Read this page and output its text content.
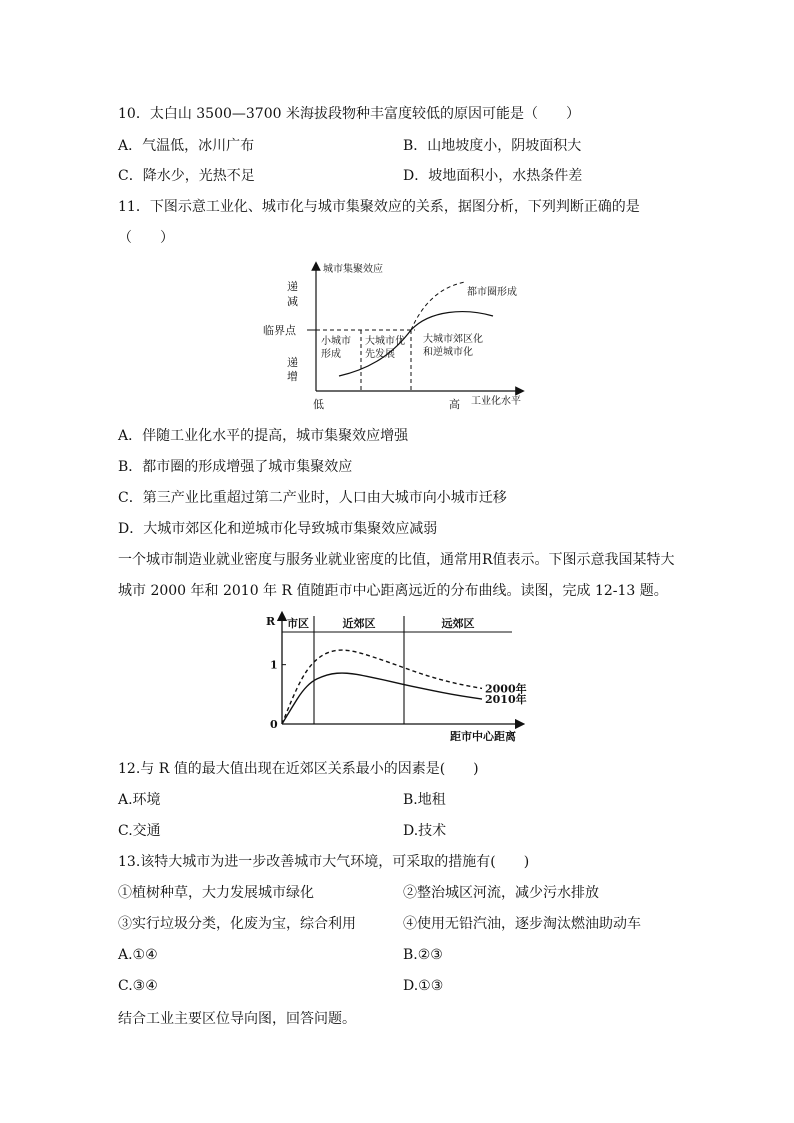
10．太白山 3500—3700 米海拔段物种丰富度较低的原因可能是（　　）
A．气温低，冰川广布	B．山地坡度小，阴坡面积大
C．降水少，光热不足	D．坡地面积小，水热条件差
11．下图示意工业化、城市化与城市集聚效应的关系，据图分析，下列判断正确的是
（　　）
城市集聚效应
递
减
临界点
递
增
都市圈形成
小城市
形成
大城市优
先发展
大城市郊区化
和逆城市化
低	高 工业化水平
A．伴随工业化水平的提高，城市集聚效应增强
B．都市圈的形成增强了城市集聚效应
C．第三产业比重超过第二产业时，人口由大城市向小城市迁移
D．大城市郊区化和逆城市化导致城市集聚效应减弱
一个城市制造业就业密度与服务业就业密度的比值，通常用R值表示。下图示意我国某特大
城市 2000 年和 2010 年 R 值随距市中心距离远近的分布曲线。读图，完成 12-13 题。
市区	近郊区	远郊区
R
0
1
距市中心距离
2000年
2010年
12.与 R 值的最大值出现在近郊区关系最小的因素是(　　)
A.环境	B.地租
C.交通	D.技术
13.该特大城市为进一步改善城市大气环境，可采取的措施有(　　)
①植树种草，大力发展城市绿化	②整治城区河流，减少污水排放
③实行垃圾分类，化废为宝，综合利用	④使用无铅汽油，逐步淘汰燃油助动车
A.①④	B.②③
C.③④	D.①③
结合工业主要区位导向图，回答问题。
